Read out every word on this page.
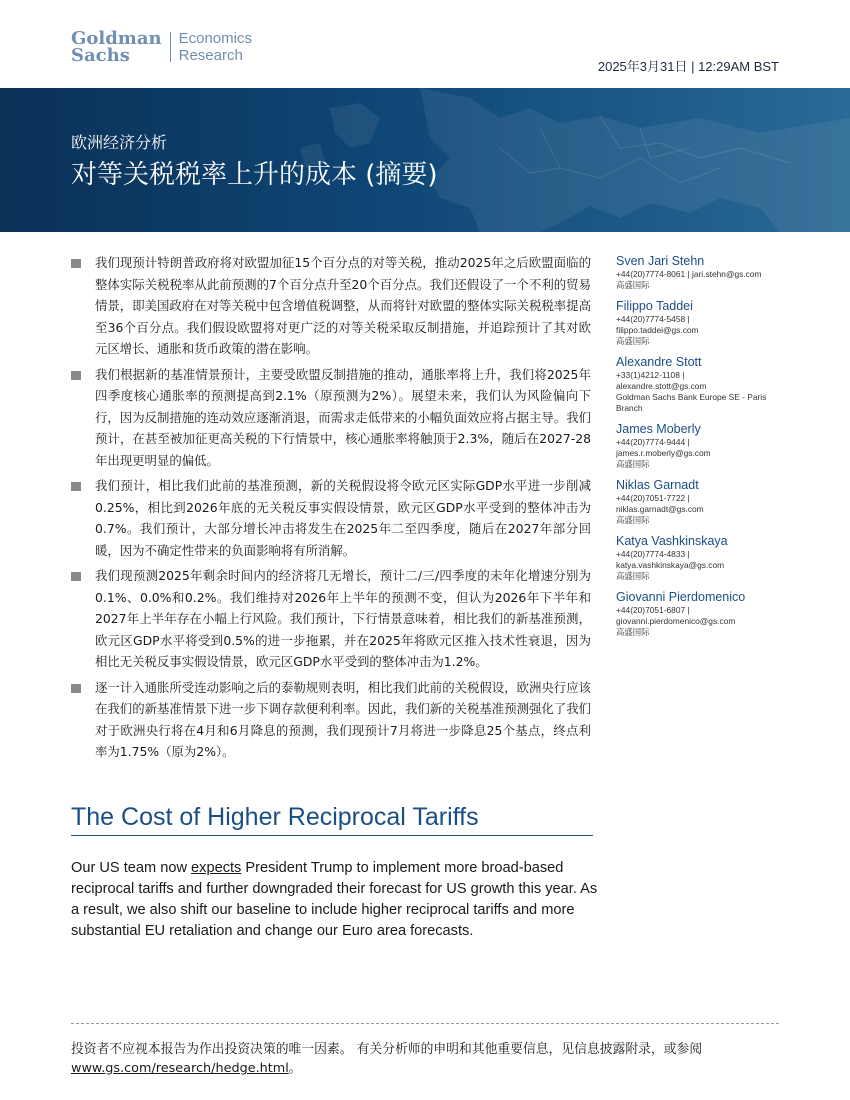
Goldman
Sachs
Economics
Research
2025年3月31日 | 12:29AM BST
欧洲经济分析
对等关税税率上升的成本 (摘要)
我们现预计特朗普政府将对欧盟加征15个百分点的对等关税，推动2025年之后欧盟面临的整体实际关税税率从此前预测的7个百分点升至20个百分点。我们还假设了一个不利的贸易情景，即美国政府在对等关税中包含增值税调整，从而将针对欧盟的整体实际关税税率提高至36个百分点。我们假设欧盟将对更广泛的对等关税采取反制措施，并追踪预计了其对欧元区增长、通胀和货币政策的潜在影响。
我们根据新的基准情景预计，主要受欧盟反制措施的推动，通胀率将上升，我们将2025年四季度核心通胀率的预测提高到2.1%（原预测为2%）。展望未来，我们认为风险偏向下行，因为反制措施的连动效应逐渐消退，而需求走低带来的小幅负面效应将占据主导。我们预计，在甚至被加征更高关税的下行情景中，核心通胀率将触顶于2.3%，随后在2027-28年出现更明显的偏低。
我们预计，相比我们此前的基准预测，新的关税假设将令欧元区实际GDP水平进一步削减0.25%，相比到2026年底的无关税反事实假设情景，欧元区GDP水平受到的整体冲击为0.7%。我们预计，大部分增长冲击将发生在2025年二至四季度，随后在2027年部分回暖，因为不确定性带来的负面影响将有所消解。
我们现预测2025年剩余时间内的经济将几无增长，预计二/三/四季度的未年化增速分别为0.1%、0.0%和0.2%。我们维持对2026年上半年的预测不变，但认为2026年下半年和2027年上半年存在小幅上行风险。我们预计，下行情景意味着，相比我们的新基准预测，欧元区GDP水平将受到0.5%的进一步拖累，并在2025年将欧元区推入技术性衰退，因为相比无关税反事实假设情景，欧元区GDP水平受到的整体冲击为1.2%。
逐一计入通胀所受连动影响之后的泰勒规则表明，相比我们此前的关税假设，欧洲央行应该在我们的新基准情景下进一步下调存款便利利率。因此，我们新的关税基准预测强化了我们对于欧洲央行将在4月和6月降息的预测，我们现预计7月将进一步降息25个基点，终点利率为1.75%（原为2%）。
Sven Jari Stehn
+44(20)7774-8061 | jari.stehn@gs.com
高盛国际
Filippo Taddei
+44(20)7774-5458 |
filippo.taddei@gs.com
高盛国际
Alexandre Stott
+33(1)4212-1108 |
alexandre.stott@gs.com
Goldman Sachs Bank Europe SE - Paris Branch
James Moberly
+44(20)7774-9444 |
james.r.moberly@gs.com
高盛国际
Niklas Garnadt
+44(20)7051-7722 |
niklas.garnadt@gs.com
高盛国际
Katya Vashkinskaya
+44(20)7774-4833 |
katya.vashkinskaya@gs.com
高盛国际
Giovanni Pierdomenico
+44(20)7051-6807 |
giovanni.pierdomenico@gs.com
高盛国际
The Cost of Higher Reciprocal Tariffs
Our US team now expects President Trump to implement more broad-based reciprocal tariffs and further downgraded their forecast for US growth this year. As a result, we also shift our baseline to include higher reciprocal tariffs and more substantial EU retaliation and change our Euro area forecasts.
投资者不应视本报告为作出投资决策的唯一因素。 有关分析师的申明和其他重要信息，见信息披露附录，或参阅
www.gs.com/research/hedge.html。
